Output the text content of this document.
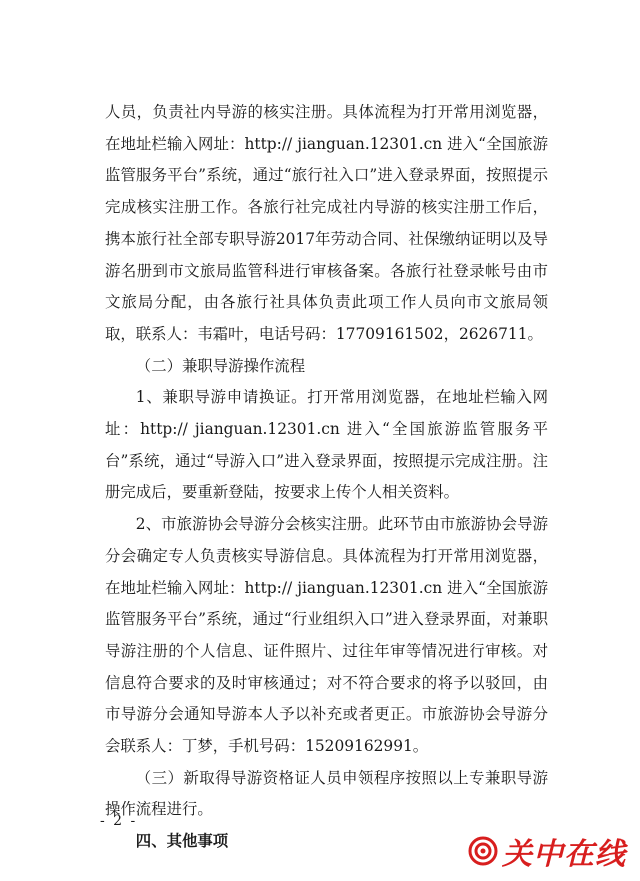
人员，负责社内导游的核实注册。具体流程为打开常用浏览器，在地址栏输入网址：http:// jianguan.12301.cn 进入“全国旅游监管服务平台”系统，通过“旅行社入口”进入登录界面，按照提示完成核实注册工作。各旅行社完成社内导游的核实注册工作后，携本旅行社全部专职导游2017年劳动合同、社保缴纳证明以及导游名册到市文旅局监管科进行审核备案。各旅行社登录帐号由市文旅局分配，由各旅行社具体负责此项工作人员向市文旅局领取，联系人：韦霜叶，电话号码：17709161502，2626711。

（二）兼职导游操作流程

1、兼职导游申请换证。打开常用浏览器，在地址栏输入网址：http:// jianguan.12301.cn 进入“全国旅游监管服务平台”系统，通过“导游入口”进入登录界面，按照提示完成注册。注册完成后，要重新登陆，按要求上传个人相关资料。

2、市旅游协会导游分会核实注册。此环节由市旅游协会导游分会确定专人负责核实导游信息。具体流程为打开常用浏览器，在地址栏输入网址：http:// jianguan.12301.cn 进入“全国旅游监管服务平台”系统，通过“行业组织入口”进入登录界面，对兼职导游注册的个人信息、证件照片、过往年审等情况进行审核。对信息符合要求的及时审核通过；对不符合要求的将予以驳回，由市导游分会通知导游本人予以补充或者更正。市旅游协会导游分会联系人：丁梦，手机号码：15209162991。

（三）新取得导游资格证人员申领程序按照以上专兼职导游操作流程进行。

四、其他事项

- 2 -
关中在线
